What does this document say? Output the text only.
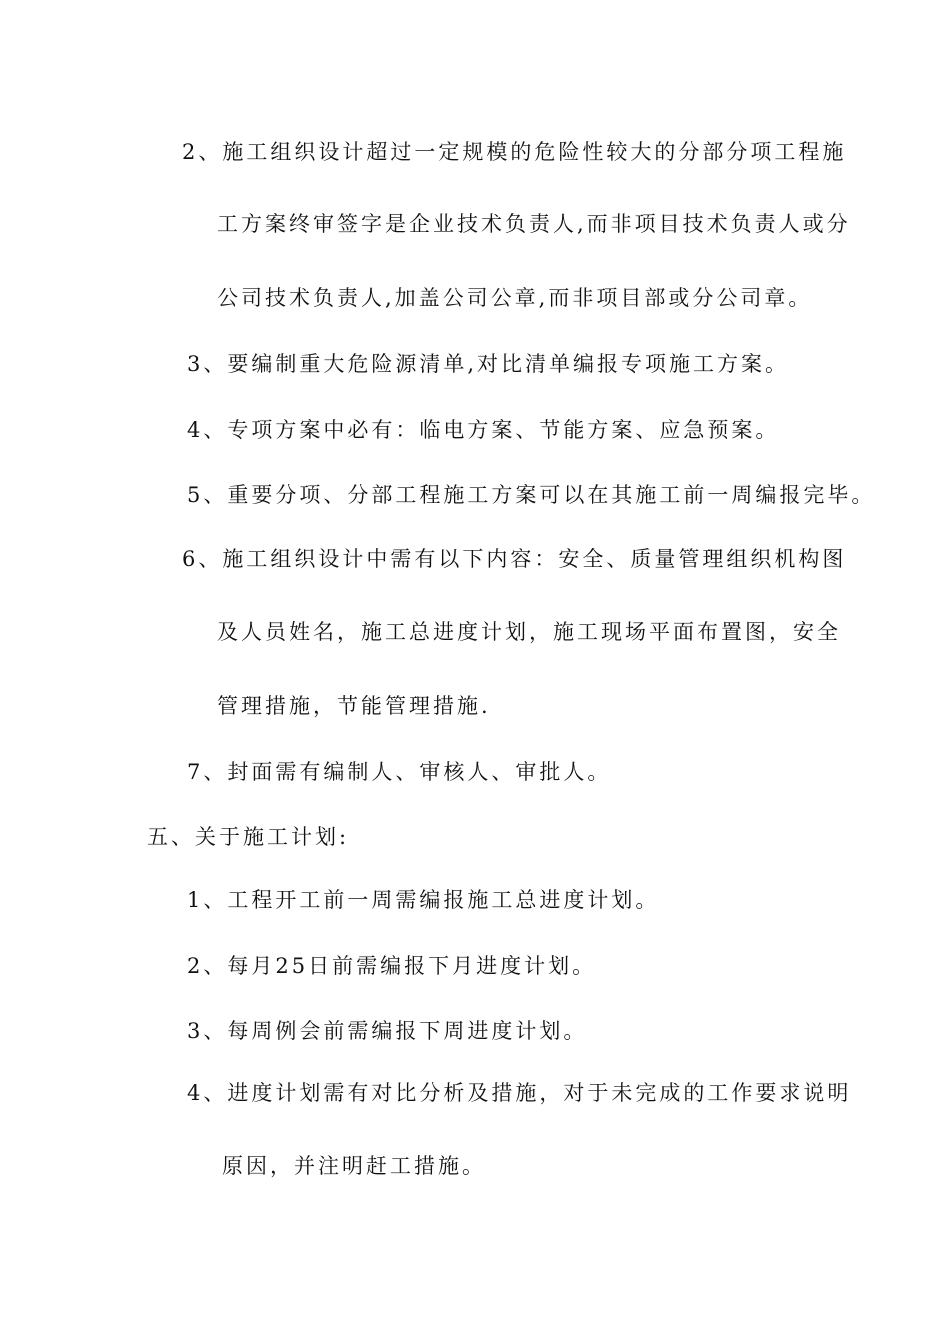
2、施工组织设计超过一定规模的危险性较大的分部分项工程施
工方案终审签字是企业技术负责人,而非项目技术负责人或分
公司技术负责人,加盖公司公章,而非项目部或分公司章。
3、要编制重大危险源清单,对比清单编报专项施工方案。
4、专项方案中必有：临电方案、节能方案、应急预案。
5、重要分项、分部工程施工方案可以在其施工前一周编报完毕。
6、施工组织设计中需有以下内容：安全、质量管理组织机构图
及人员姓名，施工总进度计划，施工现场平面布置图，安全
管理措施，节能管理措施.
7、封面需有编制人、审核人、审批人。
五、关于施工计划:
1、工程开工前一周需编报施工总进度计划。
2、每月25日前需编报下月进度计划。
3、每周例会前需编报下周进度计划。
4、进度计划需有对比分析及措施，对于未完成的工作要求说明
原因，并注明赶工措施。
